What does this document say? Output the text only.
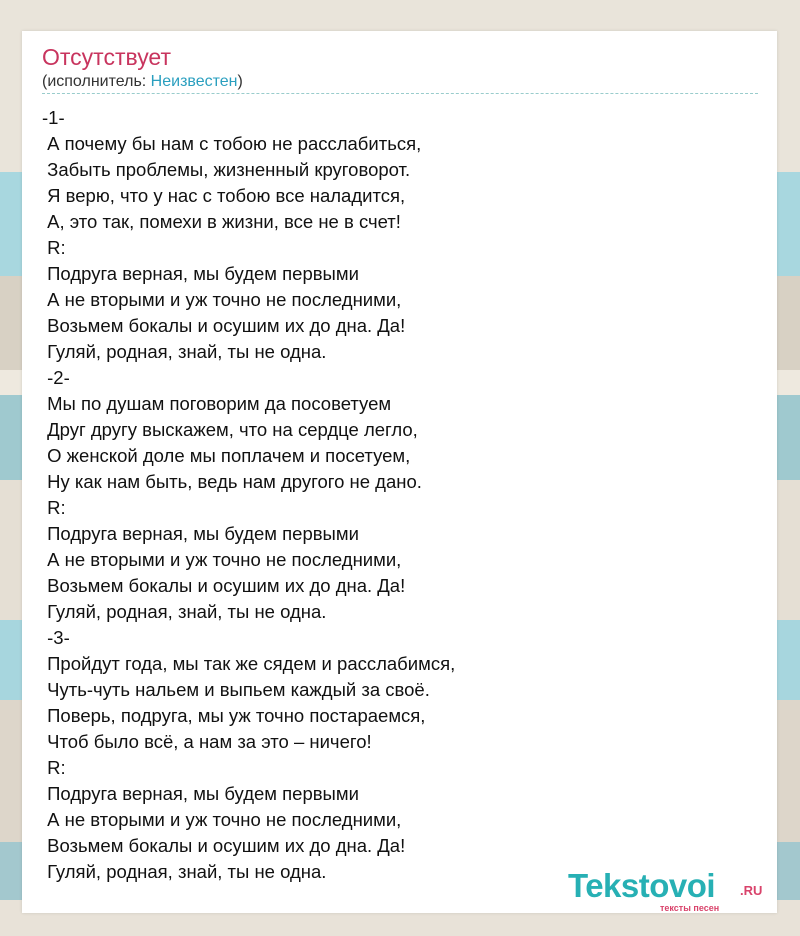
Отсутствует
(исполнитель: Неизвестен)
-1-
А почему бы нам с тобою не расслабиться,
Забыть проблемы, жизненный круговорот.
Я верю, что у нас с тобою все наладится,
А, это так, помехи в жизни, все не в счет!
R:
Подруга верная, мы будем первыми
А не вторыми и уж точно не последними,
Возьмем бокалы и осушим их до дна. Да!
Гуляй, родная, знай, ты не одна.
-2-
Мы по душам поговорим да посоветуем
Друг другу выскажем, что на сердце легло,
О женской доле мы поплачем и посетуем,
Ну как нам быть, ведь нам другого не дано.
R:
Подруга верная, мы будем первыми
А не вторыми и уж точно не последними,
Возьмем бокалы и осушим их до дна. Да!
Гуляй, родная, знай, ты не одна.
-3-
Пройдут года, мы так же сядем и расслабимся,
Чуть-чуть нальем и выпьем каждый за своё.
Поверь, подруга, мы уж точно постараемся,
Чтоб было всё, а нам за это – ничего!
R:
Подруга верная, мы будем первыми
А не вторыми и уж точно не последними,
Возьмем бокалы и осушим их до дна. Да!
Гуляй, родная, знай, ты не одна.	Tekstovoi .RU
тексты песен
